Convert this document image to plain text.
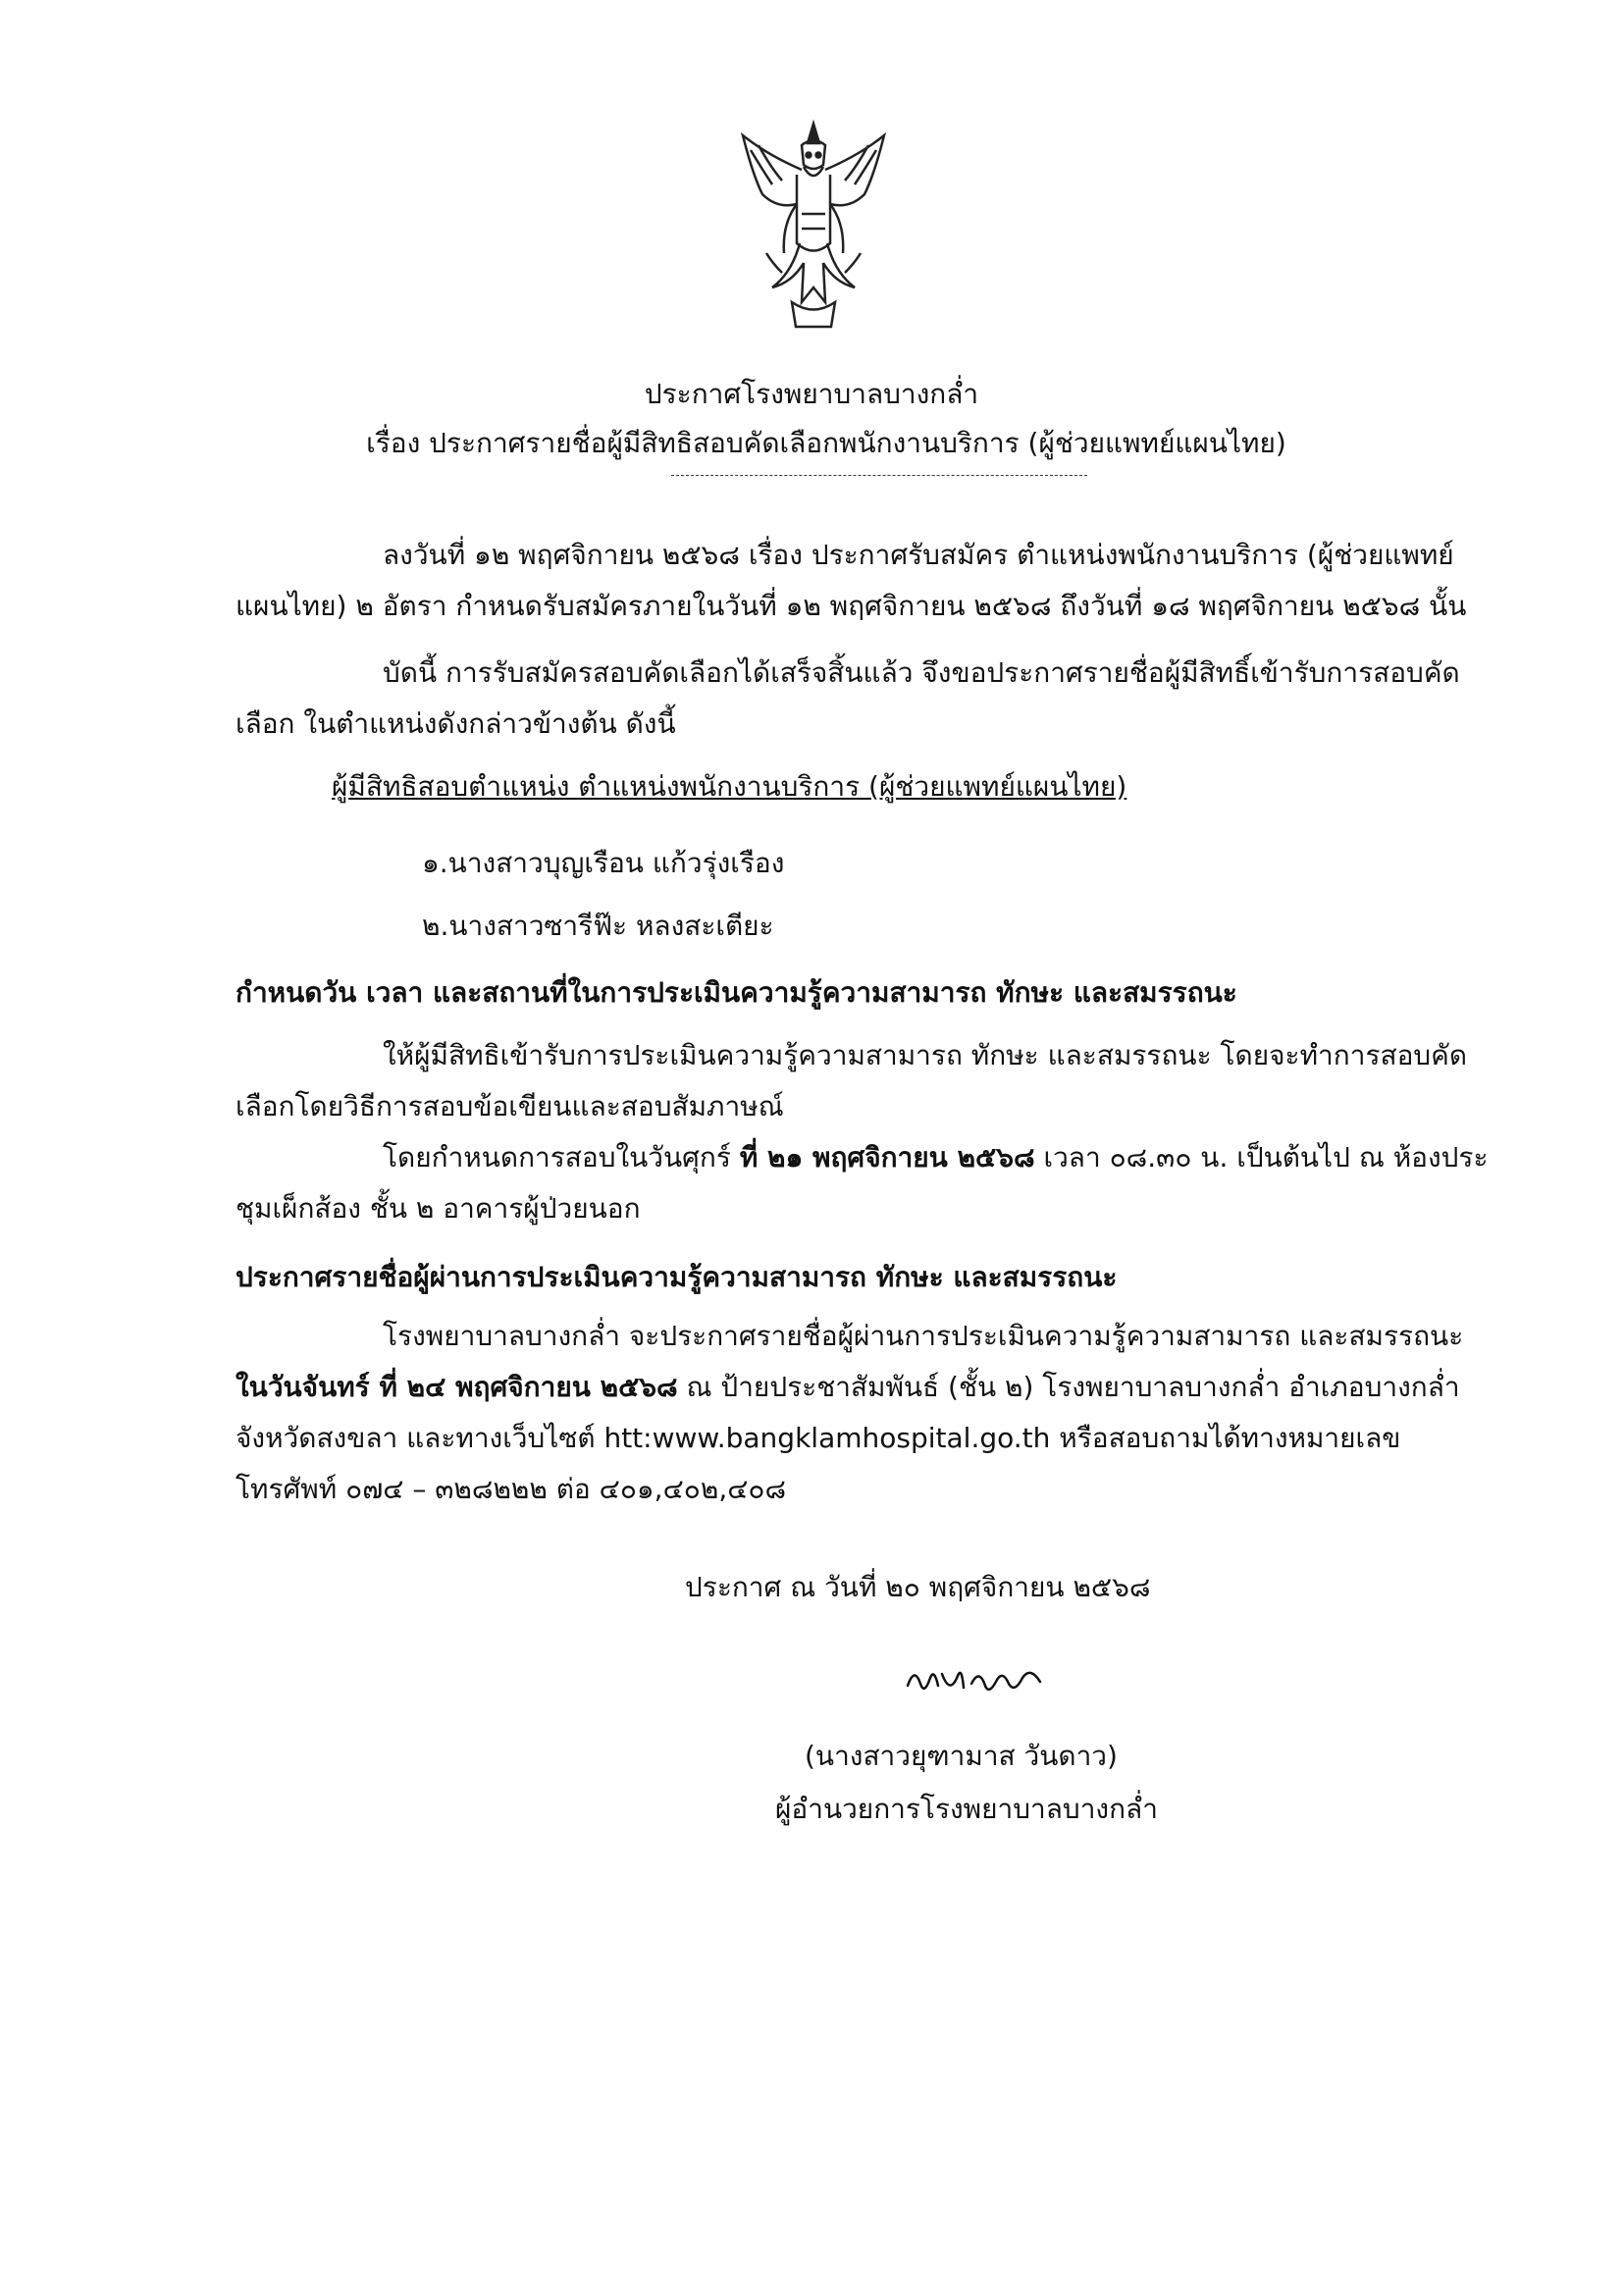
ประกาศโรงพยาบาลบางกล่ำ
เรื่อง ประกาศรายชื่อผู้มีสิทธิสอบคัดเลือกพนักงานบริการ (ผู้ช่วยแพทย์แผนไทย)

ลงวันที่ ๑๒ พฤศจิกายน ๒๕๖๘ เรื่อง ประกาศรับสมัคร ตำแหน่งพนักงานบริการ (ผู้ช่วยแพทย์แผนไทย) ๒ อัตรา กำหนดรับสมัครภายในวันที่ ๑๒ พฤศจิกายน ๒๕๖๘ ถึงวันที่ ๑๘ พฤศจิกายน ๒๕๖๘ นั้น

บัดนี้ การรับสมัครสอบคัดเลือกได้เสร็จสิ้นแล้ว จึงขอประกาศรายชื่อผู้มีสิทธิ์เข้ารับการสอบคัดเลือก ในตำแหน่งดังกล่าวข้างต้น ดังนี้

ผู้มีสิทธิสอบตำแหน่ง ตำแหน่งพนักงานบริการ (ผู้ช่วยแพทย์แผนไทย)
๑.นางสาวบุญเรือน แก้วรุ่งเรือง
๒.นางสาวซารีฟ๊ะ หลงสะเตียะ
กำหนดวัน เวลา และสถานที่ในการประเมินความรู้ความสามารถ ทักษะ และสมรรถนะ

ให้ผู้มีสิทธิเข้ารับการประเมินความรู้ความสามารถ ทักษะ และสมรรถนะ โดยจะทำการสอบคัดเลือกโดยวิธีการสอบข้อเขียนและสอบสัมภาษณ์

โดยกำหนดการสอบในวันศุกร์ ที่ ๒๑ พฤศจิกายน ๒๕๖๘ เวลา ๐๘.๓๐ น. เป็นต้นไป ณ ห้องประชุมเผ็กส้อง ชั้น ๒ อาคารผู้ป่วยนอก

ประกาศรายชื่อผู้ผ่านการประเมินความรู้ความสามารถ ทักษะ และสมรรถนะ

โรงพยาบาลบางกล่ำ จะประกาศรายชื่อผู้ผ่านการประเมินความรู้ความสามารถ และสมรรถนะ ในวันจันทร์ ที่ ๒๔ พฤศจิกายน ๒๕๖๘ ณ ป้ายประชาสัมพันธ์ (ชั้น ๒) โรงพยาบาลบางกล่ำ อำเภอบางกล่ำ จังหวัดสงขลา และทางเว็บไซต์ htt:www.bangklamhospital.go.th หรือสอบถามได้ทางหมายเลขโทรศัพท์ ๐๗๔ – ๓๒๘๒๒๒ ต่อ ๔๐๑,๔๐๒,๔๐๘

ประกาศ ณ วันที่ ๒๐ พฤศจิกายน ๒๕๖๘
(นางสาวยุฑามาส วันดาว)
ผู้อำนวยการโรงพยาบาลบางกล่ำ
